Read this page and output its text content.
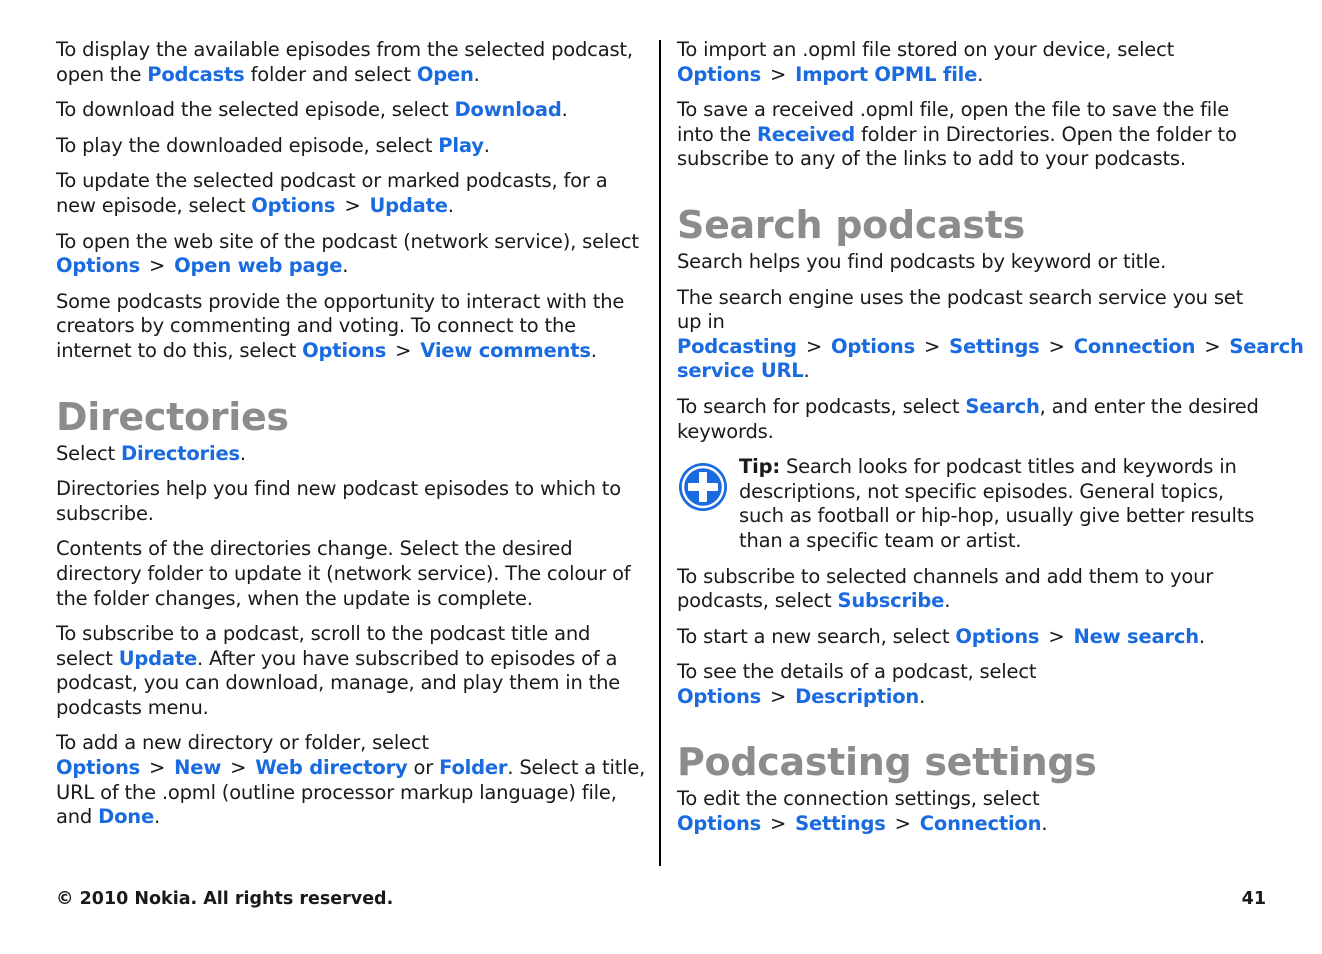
To display the available episodes from the selected podcast, open the Podcasts folder and select Open.

To download the selected episode, select Download.

To play the downloaded episode, select Play.

To update the selected podcast or marked podcasts, for a new episode, select Options > Update.

To open the web site of the podcast (network service), select Options > Open web page.

Some podcasts provide the opportunity to interact with the creators by commenting and voting. To connect to the internet to do this, select Options > View comments.

Directories

Select Directories.

Directories help you find new podcast episodes to which to subscribe.

Contents of the directories change. Select the desired directory folder to update it (network service). The colour of the folder changes, when the update is complete.

To subscribe to a podcast, scroll to the podcast title and select Update. After you have subscribed to episodes of a podcast, you can download, manage, and play them in the podcasts menu.

To add a new directory or folder, select Options > New > Web directory or Folder. Select a title, URL of the .opml (outline processor markup language) file, and Done.

To import an .opml file stored on your device, select Options > Import OPML file.

To save a received .opml file, open the file to save the file into the Received folder in Directories. Open the folder to subscribe to any of the links to add to your podcasts.

Search podcasts

Search helps you find podcasts by keyword or title.

The search engine uses the podcast search service you set up in Podcasting > Options > Settings > Connection > Search service URL.

To search for podcasts, select Search, and enter the desired keywords.

Tip: Search looks for podcast titles and keywords in descriptions, not specific episodes. General topics, such as football or hip-hop, usually give better results than a specific team or artist.

To subscribe to selected channels and add them to your podcasts, select Subscribe.

To start a new search, select Options > New search.

To see the details of a podcast, select Options > Description.

Podcasting settings

To edit the connection settings, select Options > Settings > Connection.

© 2010 Nokia. All rights reserved.	41
